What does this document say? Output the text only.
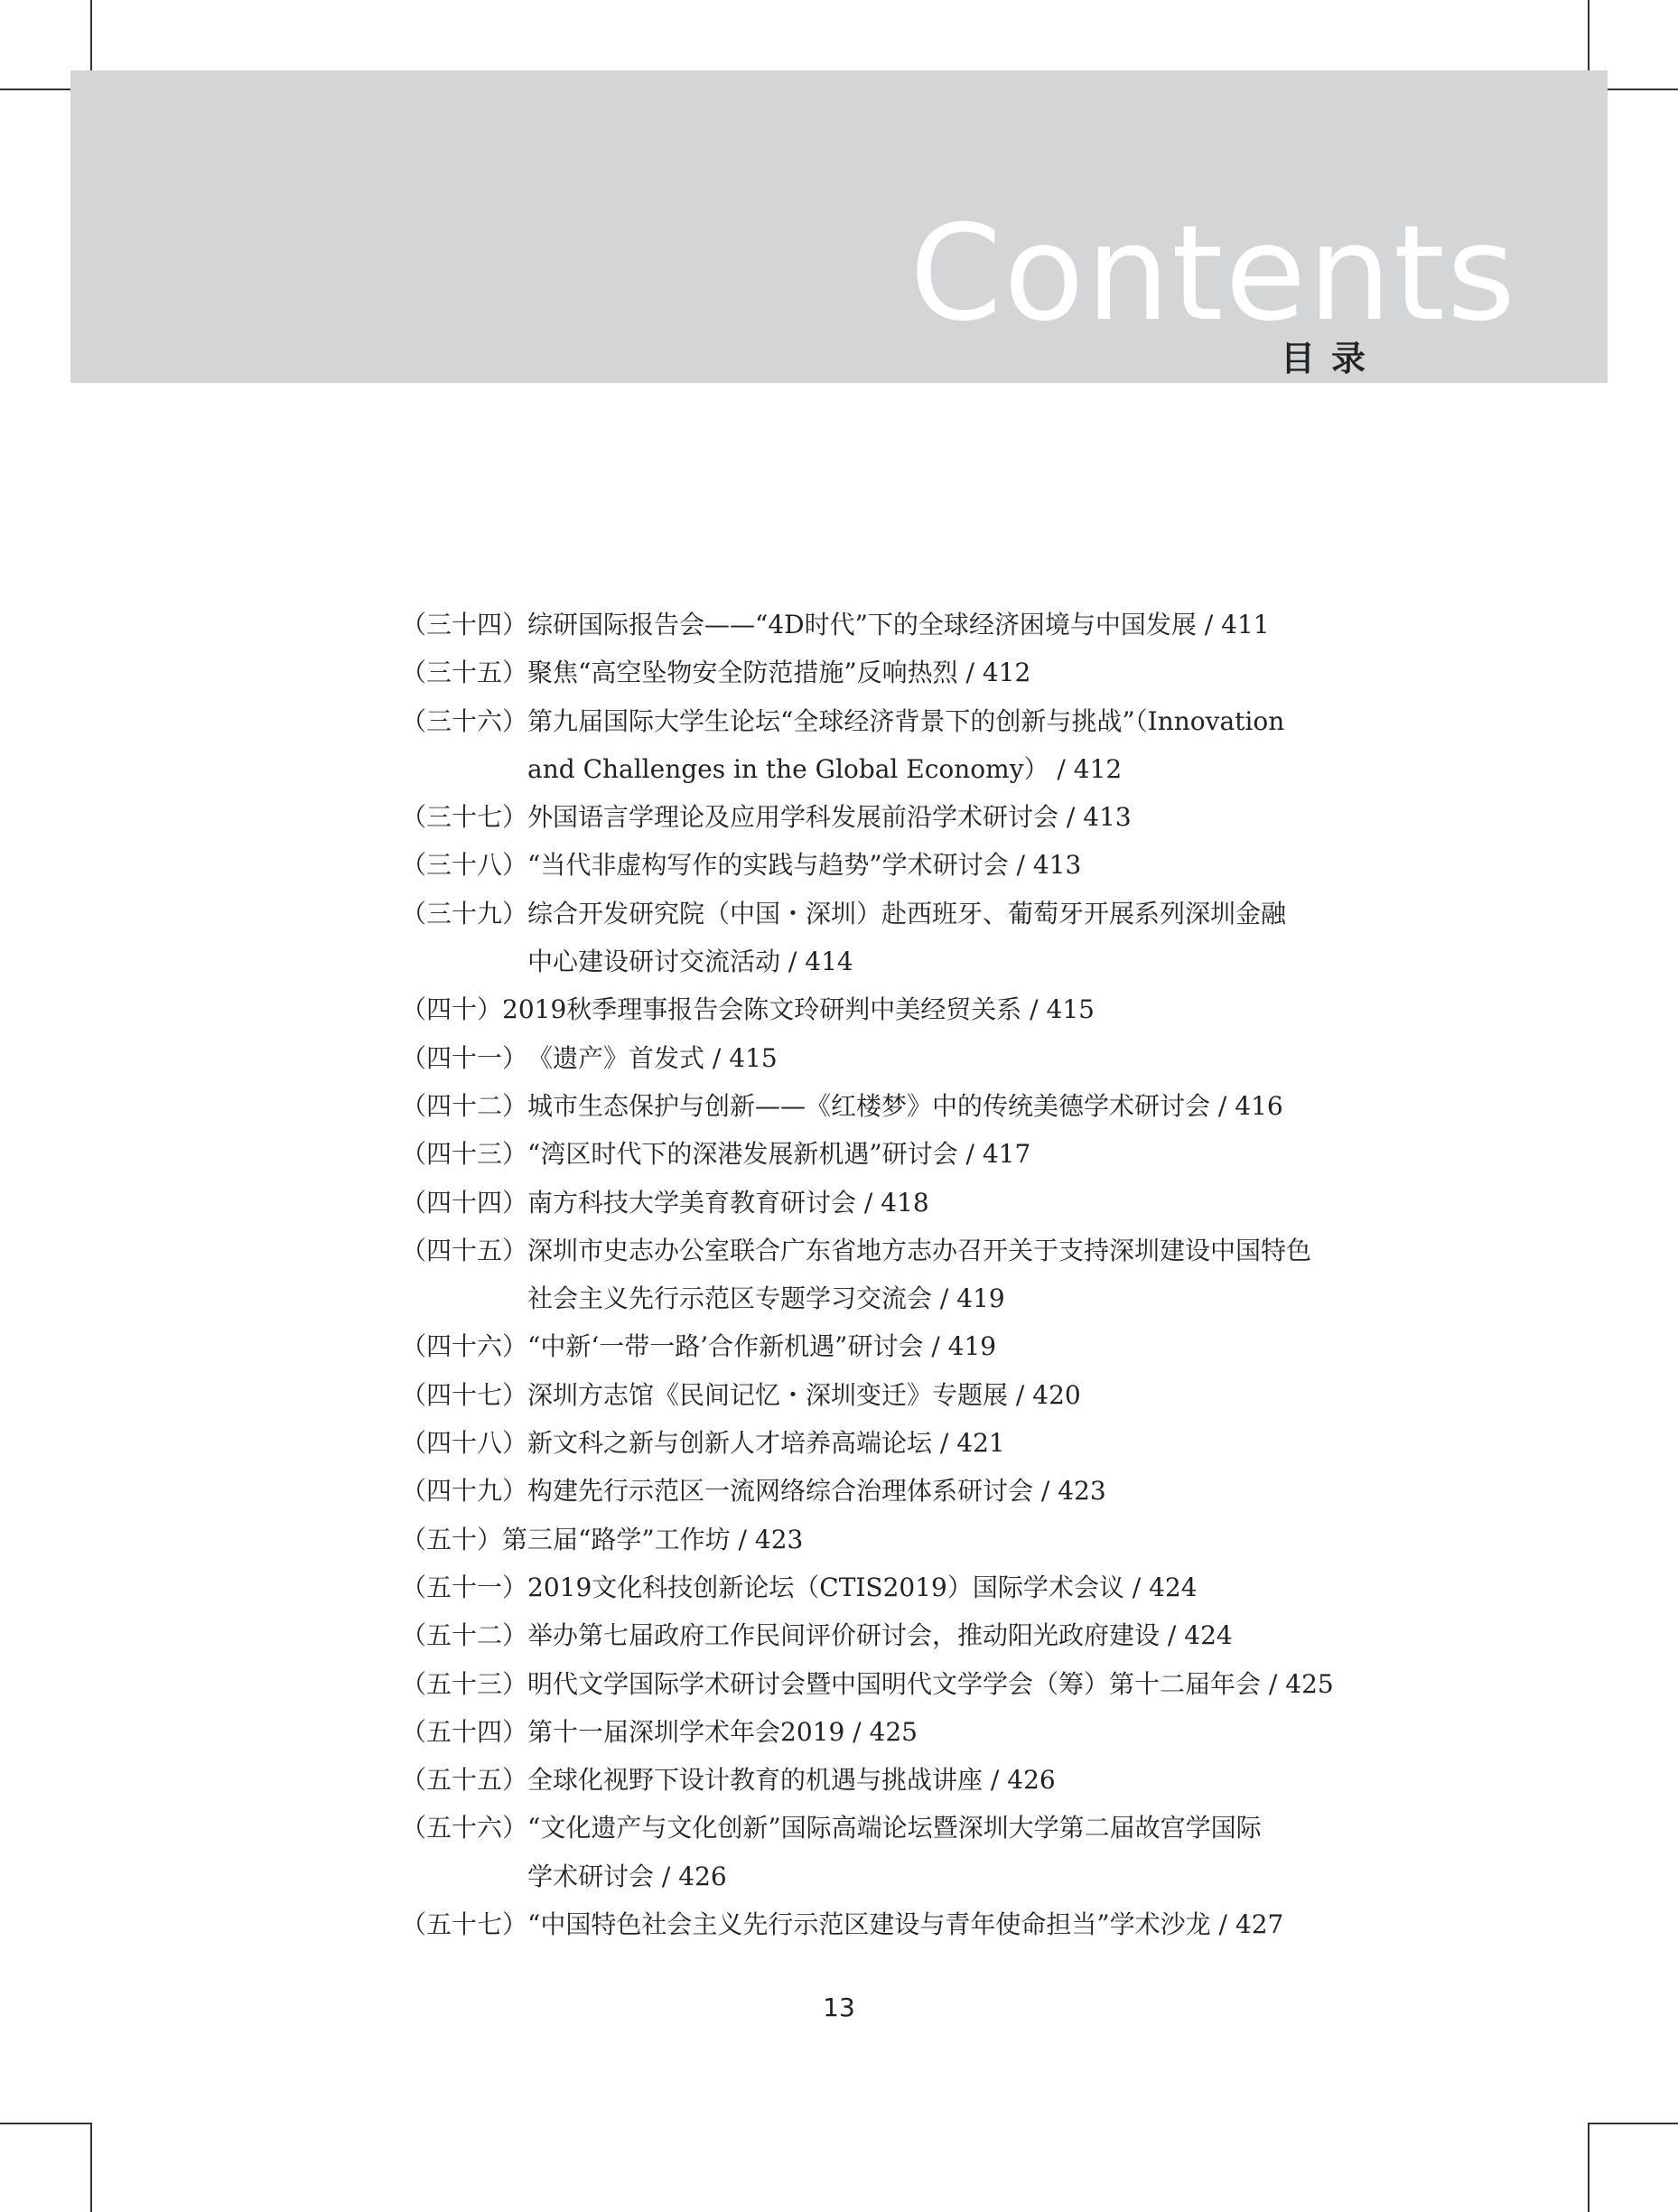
Contents
目录
（三十四） 综研国际报告会——“4D时代”下的全球经济困境与中国发展 / 411
（三十五） 聚焦“高空坠物安全防范措施”反响热烈 / 412
（三十六） 第九届国际大学生论坛“全球经济背景下的创新与挑战”（Innovation
and Challenges in the Global Economy） / 412
（三十七） 外国语言学理论及应用学科发展前沿学术研讨会 / 413
（三十八） “当代非虚构写作的实践与趋势”学术研讨会 / 413
（三十九） 综合开发研究院（中国・深圳）赴西班牙、葡萄牙开展系列深圳金融
中心建设研讨交流活动 / 414
（四十） 2019秋季理事报告会陈文玲研判中美经贸关系 / 415
（四十一） 《遗产》首发式 / 415
（四十二） 城市生态保护与创新——《红楼梦》中的传统美德学术研讨会 / 416
（四十三） “湾区时代下的深港发展新机遇”研讨会 / 417
（四十四） 南方科技大学美育教育研讨会 / 418
（四十五） 深圳市史志办公室联合广东省地方志办召开关于支持深圳建设中国特色
社会主义先行示范区专题学习交流会 / 419
（四十六） “中新‘一带一路’合作新机遇”研讨会 / 419
（四十七） 深圳方志馆《民间记忆・深圳变迁》专题展 / 420
（四十八） 新文科之新与创新人才培养高端论坛 / 421
（四十九） 构建先行示范区一流网络综合治理体系研讨会 / 423
（五十） 第三届“路学”工作坊 / 423
（五十一） 2019文化科技创新论坛（CTIS2019）国际学术会议 / 424
（五十二） 举办第七届政府工作民间评价研讨会，推动阳光政府建设 / 424
（五十三） 明代文学国际学术研讨会暨中国明代文学学会（筹）第十二届年会 / 425
（五十四） 第十一届深圳学术年会2019 / 425
（五十五） 全球化视野下设计教育的机遇与挑战讲座 / 426
（五十六） “文化遗产与文化创新”国际高端论坛暨深圳大学第二届故宫学国际
学术研讨会 / 426
（五十七） “中国特色社会主义先行示范区建设与青年使命担当”学术沙龙 / 427
13
